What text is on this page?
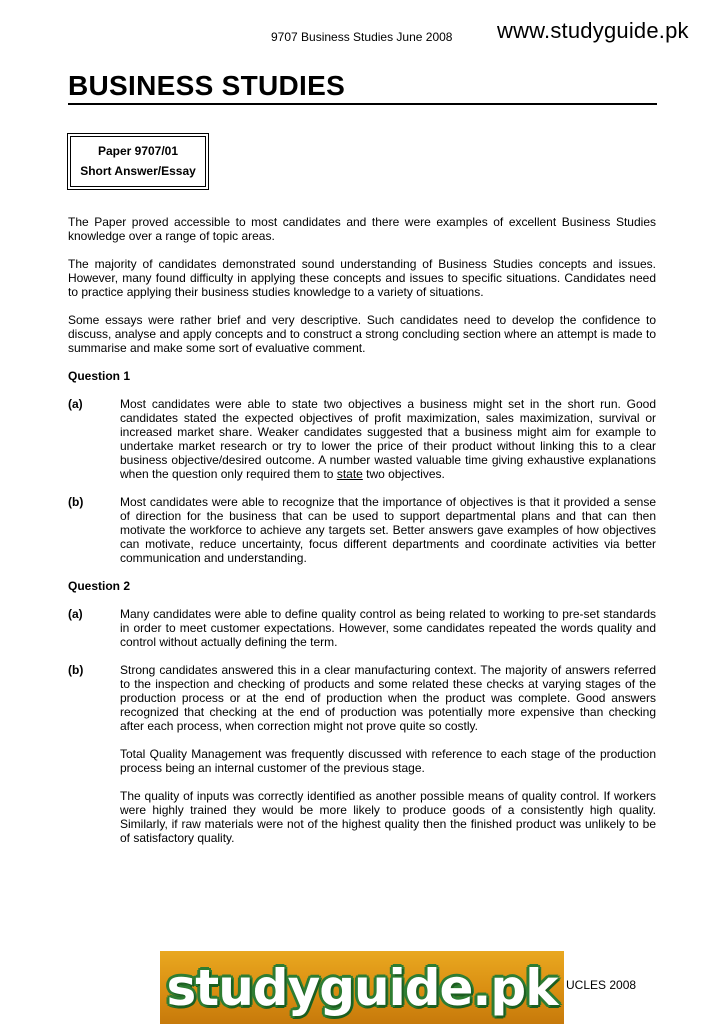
9707 Business Studies June 2008 www.studyguide.pk
BUSINESS STUDIES
Paper 9707/01
Short Answer/Essay

The Paper proved accessible to most candidates and there were examples of excellent Business Studies knowledge over a range of topic areas.

The majority of candidates demonstrated sound understanding of Business Studies concepts and issues. However, many found difficulty in applying these concepts and issues to specific situations. Candidates need to practice applying their business studies knowledge to a variety of situations.

Some essays were rather brief and very descriptive. Such candidates need to develop the confidence to discuss, analyse and apply concepts and to construct a strong concluding section where an attempt is made to summarise and make some sort of evaluative comment.

Question 1

(a)	Most candidates were able to state two objectives a business might set in the short run. Good candidates stated the expected objectives of profit maximization, sales maximization, survival or increased market share. Weaker candidates suggested that a business might aim for example to undertake market research or try to lower the price of their product without linking this to a clear business objective/desired outcome. A number wasted valuable time giving exhaustive explanations when the question only required them to state two objectives.

(b)	Most candidates were able to recognize that the importance of objectives is that it provided a sense of direction for the business that can be used to support departmental plans and that can then motivate the workforce to achieve any targets set. Better answers gave examples of how objectives can motivate, reduce uncertainty, focus different departments and coordinate activities via better communication and understanding.

Question 2

(a)	Many candidates were able to define quality control as being related to working to pre-set standards in order to meet customer expectations. However, some candidates repeated the words quality and control without actually defining the term.

(b)	Strong candidates answered this in a clear manufacturing context. The majority of answers referred to the inspection and checking of products and some related these checks at varying stages of the production process or at the end of production when the product was complete. Good answers recognized that checking at the end of production was potentially more expensive than checking after each process, when correction might not prove quite so costly.

Total Quality Management was frequently discussed with reference to each stage of the production process being an internal customer of the previous stage.

The quality of inputs was correctly identified as another possible means of quality control. If workers were highly trained they would be more likely to produce goods of a consistently high quality. Similarly, if raw materials were not of the highest quality then the finished product was unlikely to be of satisfactory quality.

studyguide.pk UCLES 2008
